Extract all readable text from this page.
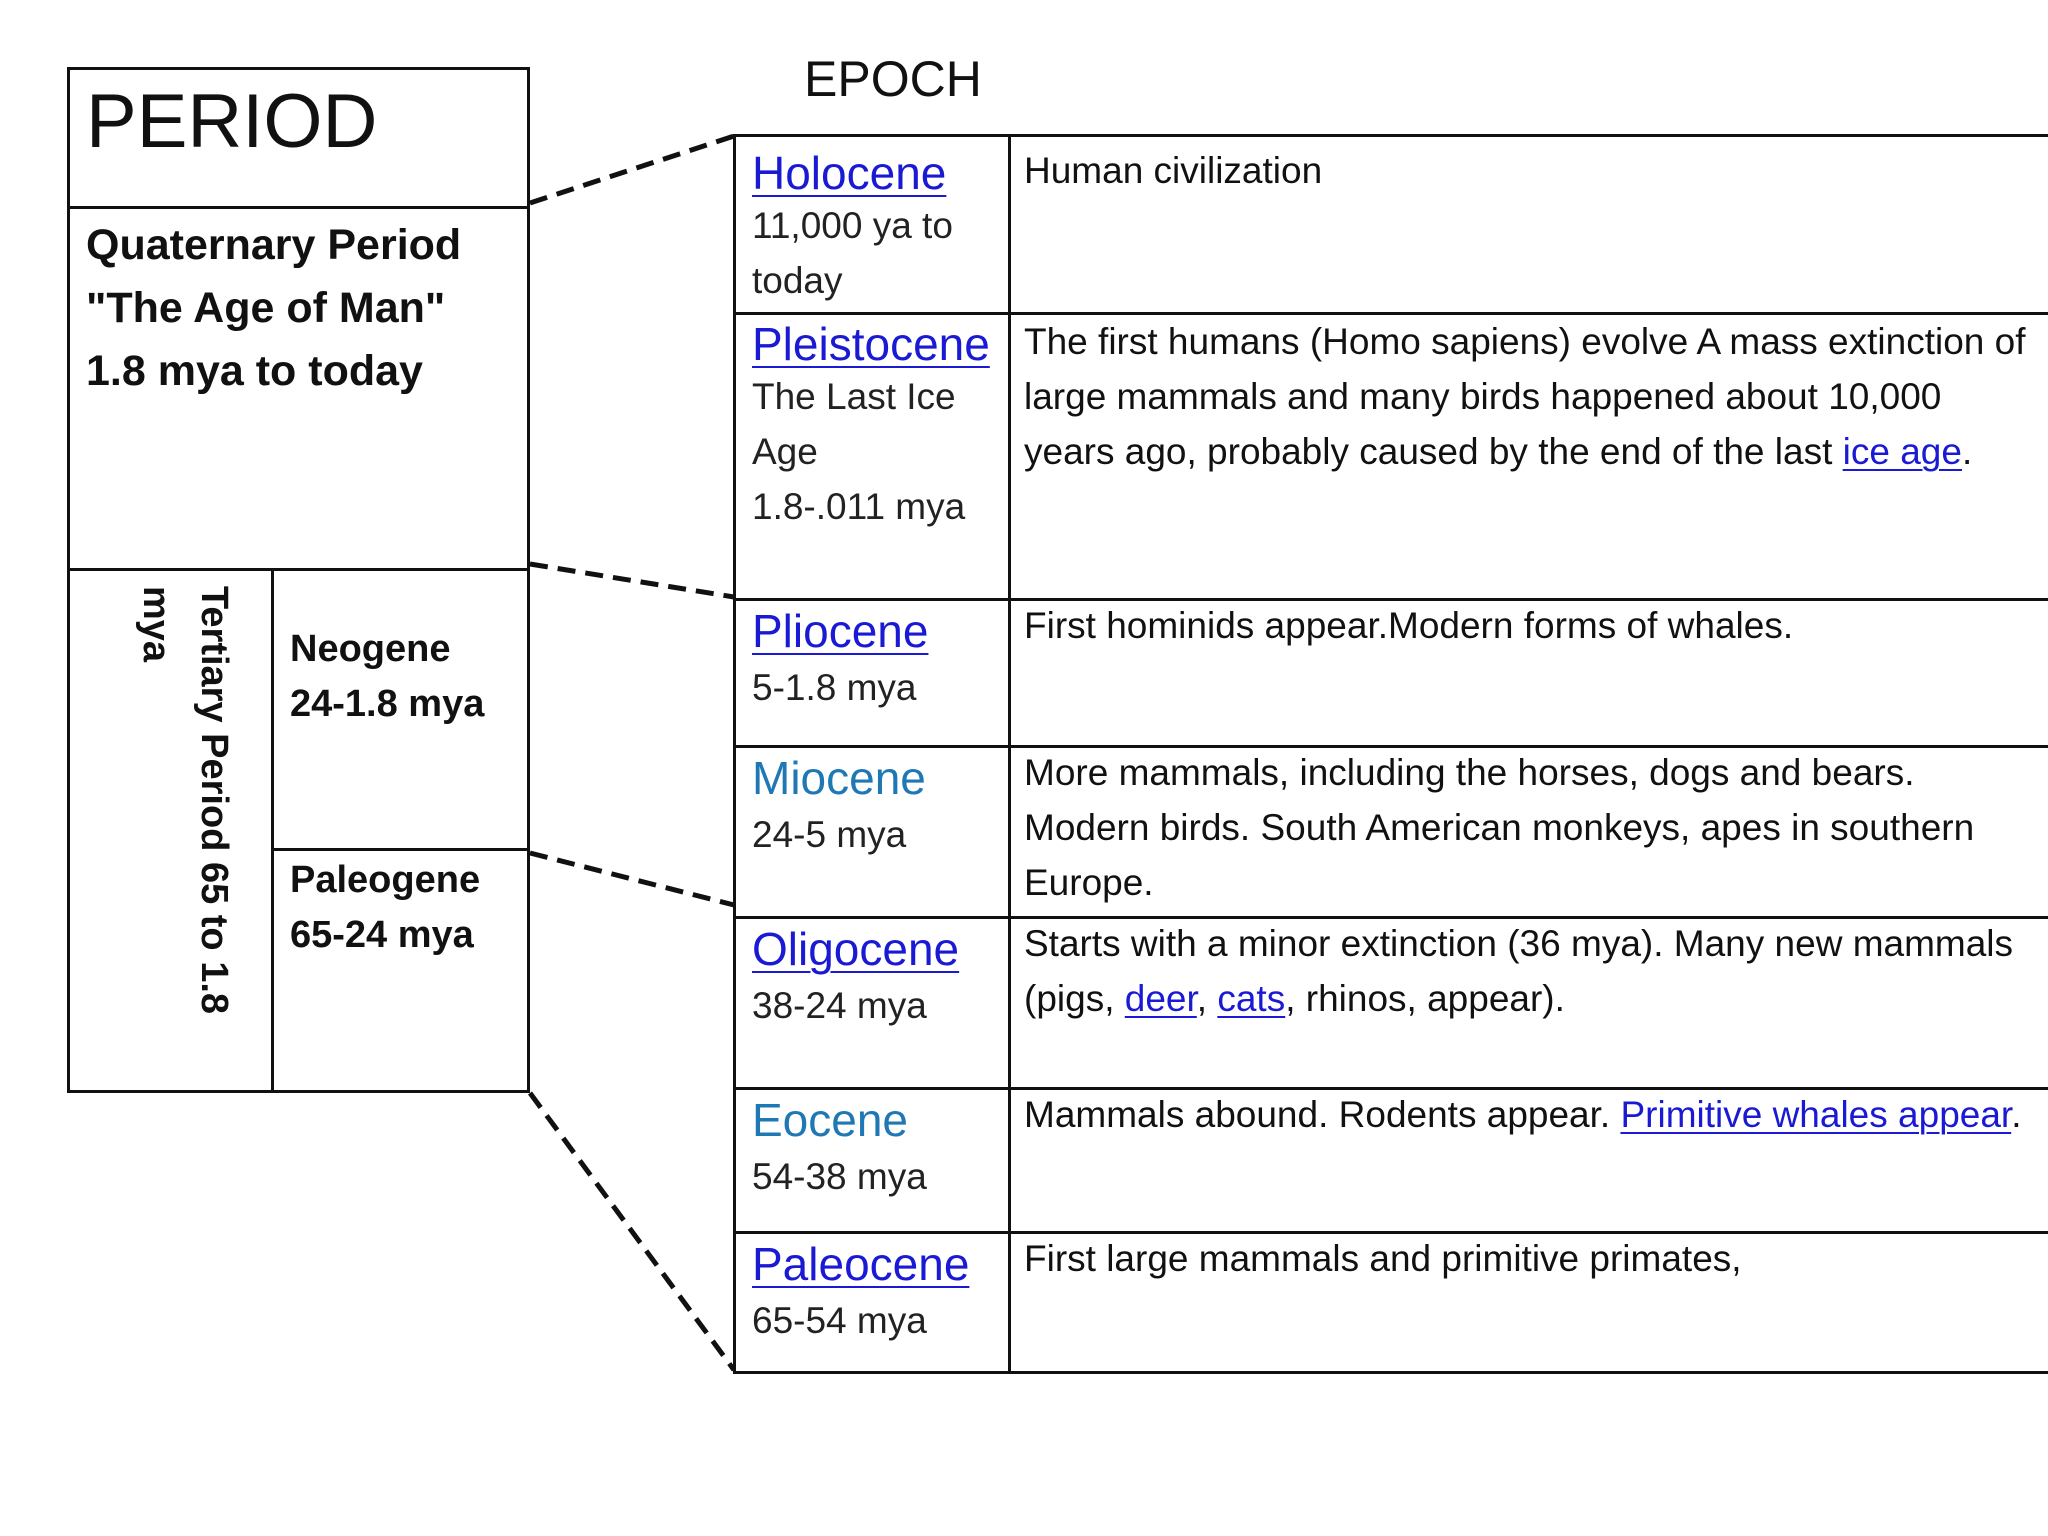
PERIOD
Quaternary Period
"The Age of Man"
1.8 mya to today
Tertiary Period 65 to 1.8 mya	Neogene
24-1.8 mya
Paleogene
65-24 mya
EPOCH
Holocene
11,000 ya to
today
Human civilization
Pleistocene
The Last Ice
Age
1.8-.011 mya
The first humans (Homo sapiens) evolve A mass extinction of large mammals and many birds happened about 10,000 years ago, probably caused by the end of the last ice age.
Pliocene
5-1.8 mya
First hominids appear.Modern forms of whales.
Miocene
24-5 mya
More mammals, including the horses, dogs and bears. Modern birds. South American monkeys, apes in southern Europe.
Oligocene
38-24 mya
Starts with a minor extinction (36 mya). Many new mammals (pigs, deer, cats, rhinos, appear).
Eocene
54-38 mya
Mammals abound. Rodents appear. Primitive whales appear.
Paleocene
65-54 mya
First large mammals and primitive primates,
